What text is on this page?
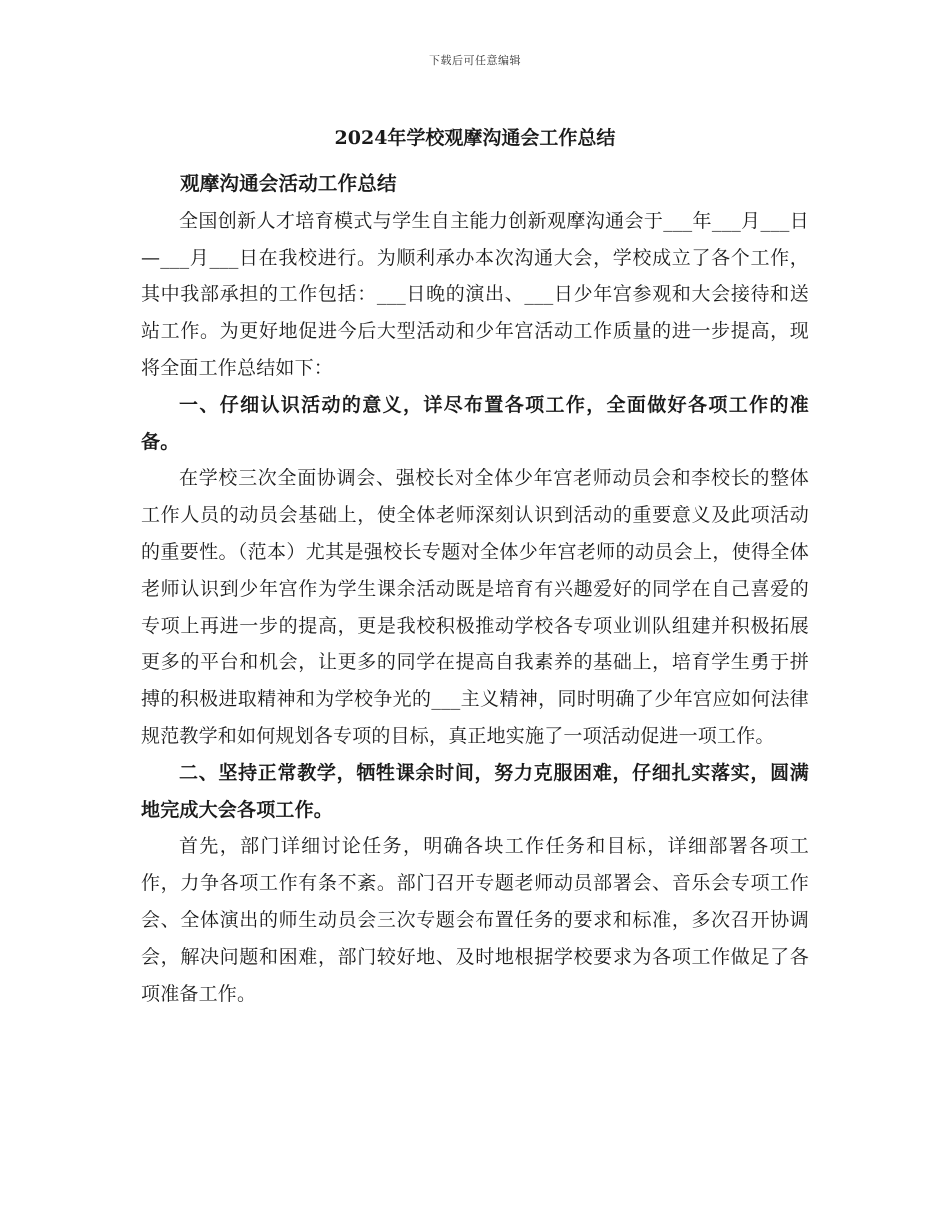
下载后可任意编辑
2024年学校观摩沟通会工作总结

观摩沟通会活动工作总结

全国创新人才培育模式与学生自主能力创新观摩沟通会于___年___月___日—___月___日在我校进行。为顺利承办本次沟通大会，学校成立了各个工作，其中我部承担的工作包括：___日晚的演出、___日少年宫参观和大会接待和送站工作。为更好地促进今后大型活动和少年宫活动工作质量的进一步提高，现将全面工作总结如下：

一、仔细认识活动的意义，详尽布置各项工作，全面做好各项工作的准备。

在学校三次全面协调会、强校长对全体少年宫老师动员会和李校长的整体工作人员的动员会基础上，使全体老师深刻认识到活动的重要意义及此项活动的重要性。（范本）尤其是强校长专题对全体少年宫老师的动员会上，使得全体老师认识到少年宫作为学生课余活动既是培育有兴趣爱好的同学在自己喜爱的专项上再进一步的提高，更是我校积极推动学校各专项业训队组建并积极拓展更多的平台和机会，让更多的同学在提高自我素养的基础上，培育学生勇于拼搏的积极进取精神和为学校争光的___主义精神，同时明确了少年宫应如何法律规范教学和如何规划各专项的目标，真正地实施了一项活动促进一项工作。

二、坚持正常教学，牺牲课余时间，努力克服困难，仔细扎实落实，圆满地完成大会各项工作。

首先，部门详细讨论任务，明确各块工作任务和目标，详细部署各项工作，力争各项工作有条不紊。部门召开专题老师动员部署会、音乐会专项工作会、全体演出的师生动员会三次专题会布置任务的要求和标准，多次召开协调会，解决问题和困难，部门较好地、及时地根据学校要求为各项工作做足了各项准备工作。
